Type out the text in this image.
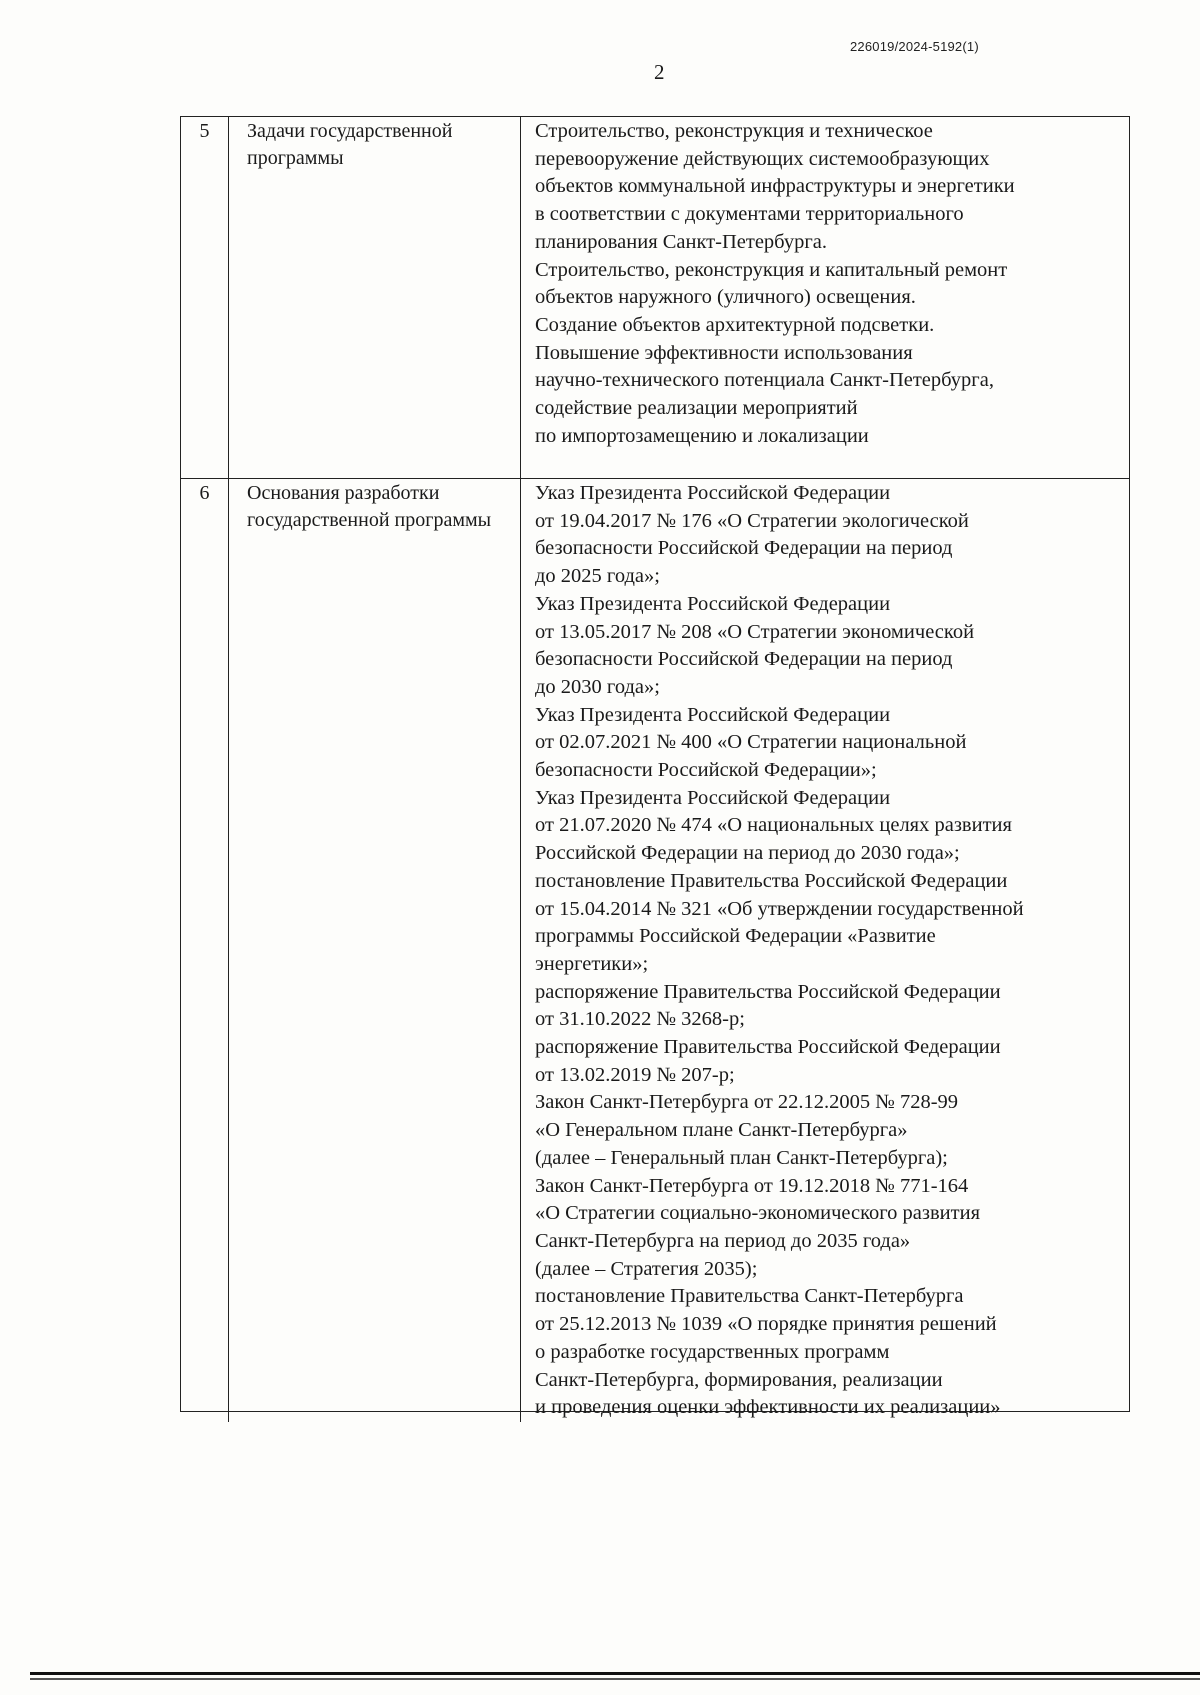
226019/2024-5192(1)
2
5	Задачи государственной программы
Строительство, реконструкция и техническое
перевооружение действующих системообразующих
объектов коммунальной инфраструктуры и энергетики
в соответствии с документами территориального
планирования Санкт-Петербурга.
Строительство, реконструкция и капитальный ремонт
объектов наружного (уличного) освещения.
Создание объектов архитектурной подсветки.
Повышение эффективности использования
научно-технического потенциала Санкт-Петербурга,
содействие реализации мероприятий
по импортозамещению и локализации
6	Основания разработки государственной программы
Указ Президента Российской Федерации
от 19.04.2017 № 176 «О Стратегии экологической
безопасности Российской Федерации на период
до 2025 года»;
Указ Президента Российской Федерации
от 13.05.2017 № 208 «О Стратегии экономической
безопасности Российской Федерации на период
до 2030 года»;
Указ Президента Российской Федерации
от 02.07.2021 № 400 «О Стратегии национальной
безопасности Российской Федерации»;
Указ Президента Российской Федерации
от 21.07.2020 № 474 «О национальных целях развития
Российской Федерации на период до 2030 года»;
постановление Правительства Российской Федерации
от 15.04.2014 № 321 «Об утверждении государственной
программы Российской Федерации «Развитие
энергетики»;
распоряжение Правительства Российской Федерации
от 31.10.2022 № 3268-р;
распоряжение Правительства Российской Федерации
от 13.02.2019 № 207-р;
Закон Санкт-Петербурга от 22.12.2005 № 728-99
«О Генеральном плане Санкт-Петербурга»
(далее – Генеральный план Санкт-Петербурга);
Закон Санкт-Петербурга от 19.12.2018 № 771-164
«О Стратегии социально-экономического развития
Санкт-Петербурга на период до 2035 года»
(далее – Стратегия 2035);
постановление Правительства Санкт-Петербурга
от 25.12.2013 № 1039 «О порядке принятия решений
о разработке государственных программ
Санкт-Петербурга, формирования, реализации
и проведения оценки эффективности их реализации»
